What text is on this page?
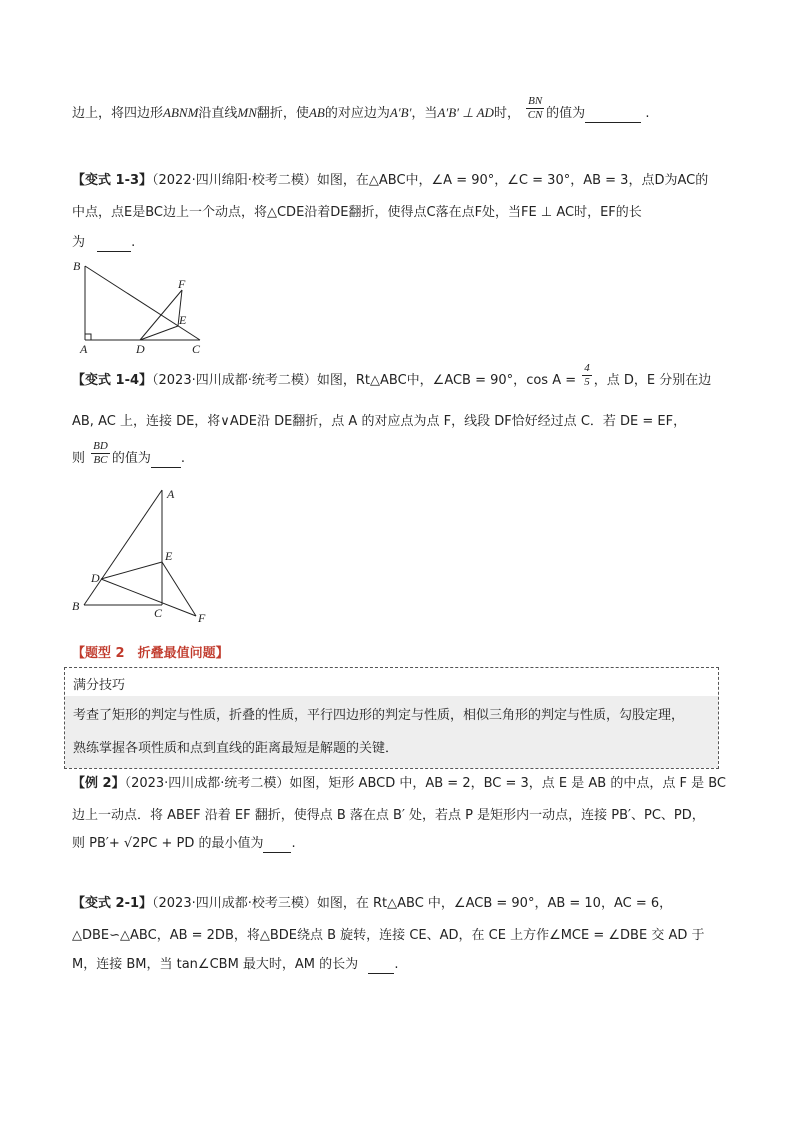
边上，将四边形ABNM沿直线MN翻折，使AB的对应边为A′B′，当A′B′ ⊥ AD时， $\frac{BN}{CN}$ 的值为	.
【变式 1-3】（2022·四川绵阳·校考二模）如图，在△ABC中，∠A = 90°，∠C = 30°，AB = 3，点D为AC的
中点，点E是BC边上一个动点，将△CDE沿着DE翻折，使得点C落在点F处，当FE ⊥ AC时，EF的长
为	.
B
F
E
A	D	C
【变式 1-4】（2023·四川成都·统考二模）如图，Rt△ABC中，∠ACB = 90°，$\cos A = \frac{4}{5}$ ，点 D，E 分别在边
AB, AC 上，连接 DE，将∨ADE沿 DE翻折，点 A 的对应点为点 F，线段 DF恰好经过点 C．若 DE = EF，
则 $\frac{BD}{BC}$ 的值为 .
A
E
D
B	C	F
【题型 2　折叠最值问题】
满分技巧
考查了矩形的判定与性质，折叠的性质，平行四边形的判定与性质，相似三角形的判定与性质，勾股定理，
熟练掌握各项性质和点到直线的距离最短是解题的关键．
【例 2】（2023·四川成都·统考二模）如图，矩形 ABCD 中，AB = 2，BC = 3，点 E 是 AB 的中点，点 F 是 BC
边上一动点．将 ABEF 沿着 EF 翻折，使得点 B 落在点 B′ 处，若点 P 是矩形内一动点，连接 PB′、PC、PD，
则 PB′+ √2PC + PD 的最小值为 .
【变式 2-1】（2023·四川成都·校考三模）如图，在 Rt△ABC 中，∠ACB = 90°，AB = 10，AC = 6，
△DBE∽△ABC，AB = 2DB，将△BDE绕点 B 旋转，连接 CE、AD，在 CE 上方作∠MCE = ∠DBE 交 AD 于
M，连接 BM，当 tan∠CBM 最大时，AM 的长为	.
